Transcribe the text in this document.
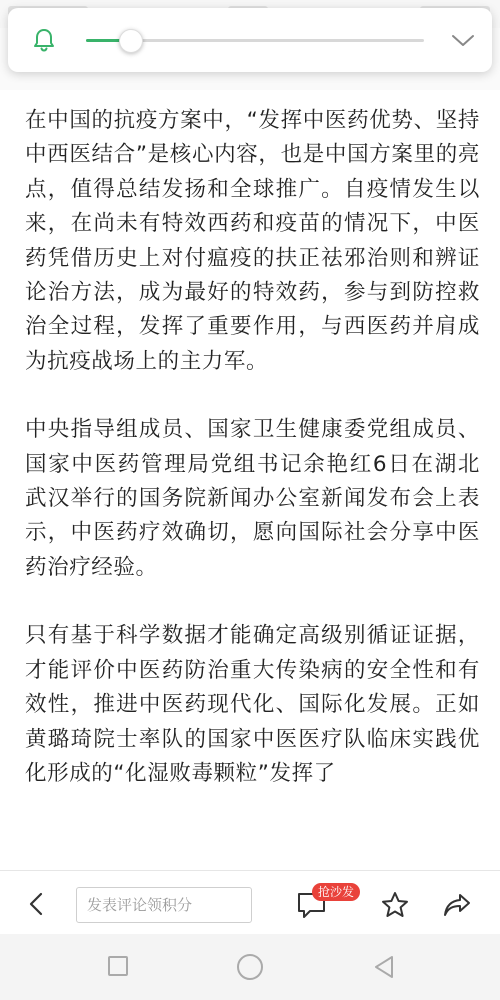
在中国的抗疫方案中，“发挥中医药优势、坚持中西医结合”是核心内容，也是中国方案里的亮点，值得总结发扬和全球推广。自疫情发生以来，在尚未有特效西药和疫苗的情况下，中医药凭借历史上对付瘟疫的扶正祛邪治则和辨证论治方法，成为最好的特效药，参与到防控救治全过程，发挥了重要作用，与西医药并肩成为抗疫战场上的主力军。

中央指导组成员、国家卫生健康委党组成员、国家中医药管理局党组书记余艳红6日在湖北武汉举行的国务院新闻办公室新闻发布会上表示，中医药疗效确切，愿向国际社会分享中医药治疗经验。

只有基于科学数据才能确定高级别循证证据，才能评价中医药防治重大传染病的安全性和有效性，推进中医药现代化、国际化发展。正如黄璐琦院士率队的国家中医医疗队临床实践优化形成的“化湿败毒颗粒”发挥了

发表评论领积分
抢沙发
